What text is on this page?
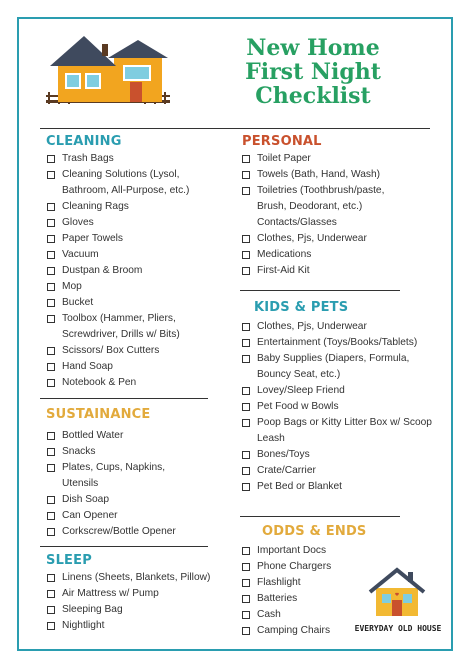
New Home
First Night
Checklist
CLEANING
Trash Bags
Cleaning Solutions (Lysol,
Bathroom, All-Purpose, etc.)
Cleaning Rags
Gloves
Paper Towels
Vacuum
Dustpan & Broom
Mop
Bucket
Toolbox (Hammer, Pliers,
Screwdriver, Drills w/ Bits)
Scissors/ Box Cutters
Hand Soap
Notebook & Pen
SUSTAINANCE
Bottled Water
Snacks
Plates, Cups, Napkins,
Utensils
Dish Soap
Can Opener
Corkscrew/Bottle Opener
SLEEP
Linens (Sheets, Blankets, Pillow)
Air Mattress w/ Pump
Sleeping Bag
Nightlight
PERSONAL
Toilet Paper
Towels (Bath, Hand, Wash)
Toiletries (Toothbrush/paste,
Brush, Deodorant, etc.)
Contacts/Glasses
Clothes, Pjs, Underwear
Medications
First-Aid Kit
KIDS & PETS
Clothes, Pjs, Underwear
Entertainment (Toys/Books/Tablets)
Baby Supplies (Diapers, Formula,
Bouncy Seat, etc.)
Lovey/Sleep Friend
Pet Food w Bowls
Poop Bags or Kitty Litter Box w/ Scoop
Leash
Bones/Toys
Crate/Carrier
Pet Bed or Blanket
ODDS & ENDS
Important Docs
Phone Chargers
Flashlight
Batteries
Cash
Camping Chairs	EVERYDAY OLD HOUSE
